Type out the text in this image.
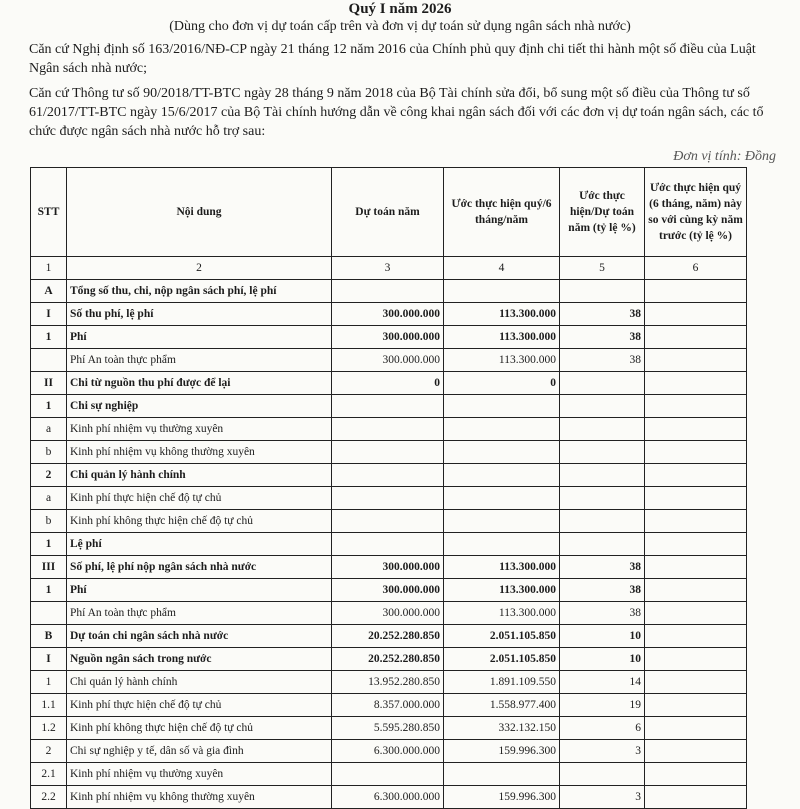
Quý I năm 2026
(Dùng cho đơn vị dự toán cấp trên và đơn vị dự toán sử dụng ngân sách nhà nước)
Căn cứ Nghị định số 163/2016/NĐ-CP ngày 21 tháng 12 năm 2016 của Chính phủ quy định chi tiết thi hành một số điều của Luật Ngân sách nhà nước;
Căn cứ Thông tư số 90/2018/TT-BTC ngày 28 tháng 9 năm 2018 của Bộ Tài chính sửa đổi, bổ sung một số điều của Thông tư số 61/2017/TT-BTC ngày 15/6/2017 của Bộ Tài chính hướng dẫn về công khai ngân sách đối với các đơn vị dự toán ngân sách, các tổ chức được ngân sách nhà nước hỗ trợ sau:
Đơn vị tính: Đồng
STT	Nội dung	Dự toán năm	Ước thực hiện quý/6 tháng/năm	Ước thực hiện/Dự toán năm (tỷ lệ %)	Ước thực hiện quý (6 tháng, năm) này so với cùng kỳ năm trước (tỷ lệ %)
1	2	3	4	5	6
A	Tổng số thu, chi, nộp ngân sách phí, lệ phí				
I	Số thu phí, lệ phí	300.000.000	113.300.000	38	
1	Phí	300.000.000	113.300.000	38	
	Phí An toàn thực phẩm	300.000.000	113.300.000	38	
II	Chi từ nguồn thu phí được để lại	0	0		
1	Chi sự nghiệp				
a	Kinh phí nhiệm vụ thường xuyên				
b	Kinh phí nhiệm vụ không thường xuyên				
2	Chi quản lý hành chính				
a	Kinh phí thực hiện chế độ tự chủ				
b	Kinh phí không thực hiện chế độ tự chủ				
1	Lệ phí				
III	Số phí, lệ phí nộp ngân sách nhà nước	300.000.000	113.300.000	38	
1	Phí	300.000.000	113.300.000	38	
	Phí An toàn thực phẩm	300.000.000	113.300.000	38	
B	Dự toán chi ngân sách nhà nước	20.252.280.850	2.051.105.850	10	
I	Nguồn ngân sách trong nước	20.252.280.850	2.051.105.850	10	
1	Chi quản lý hành chính	13.952.280.850	1.891.109.550	14	
1.1	Kinh phí thực hiện chế độ tự chủ	8.357.000.000	1.558.977.400	19	
1.2	Kinh phí không thực hiện chế độ tự chủ	5.595.280.850	332.132.150	6	
2	Chi sự nghiệp y tế, dân số và gia đình	6.300.000.000	159.996.300	3	
2.1	Kinh phí nhiệm vụ thường xuyên				
2.2	Kinh phí nhiệm vụ không thường xuyên	6.300.000.000	159.996.300	3	
